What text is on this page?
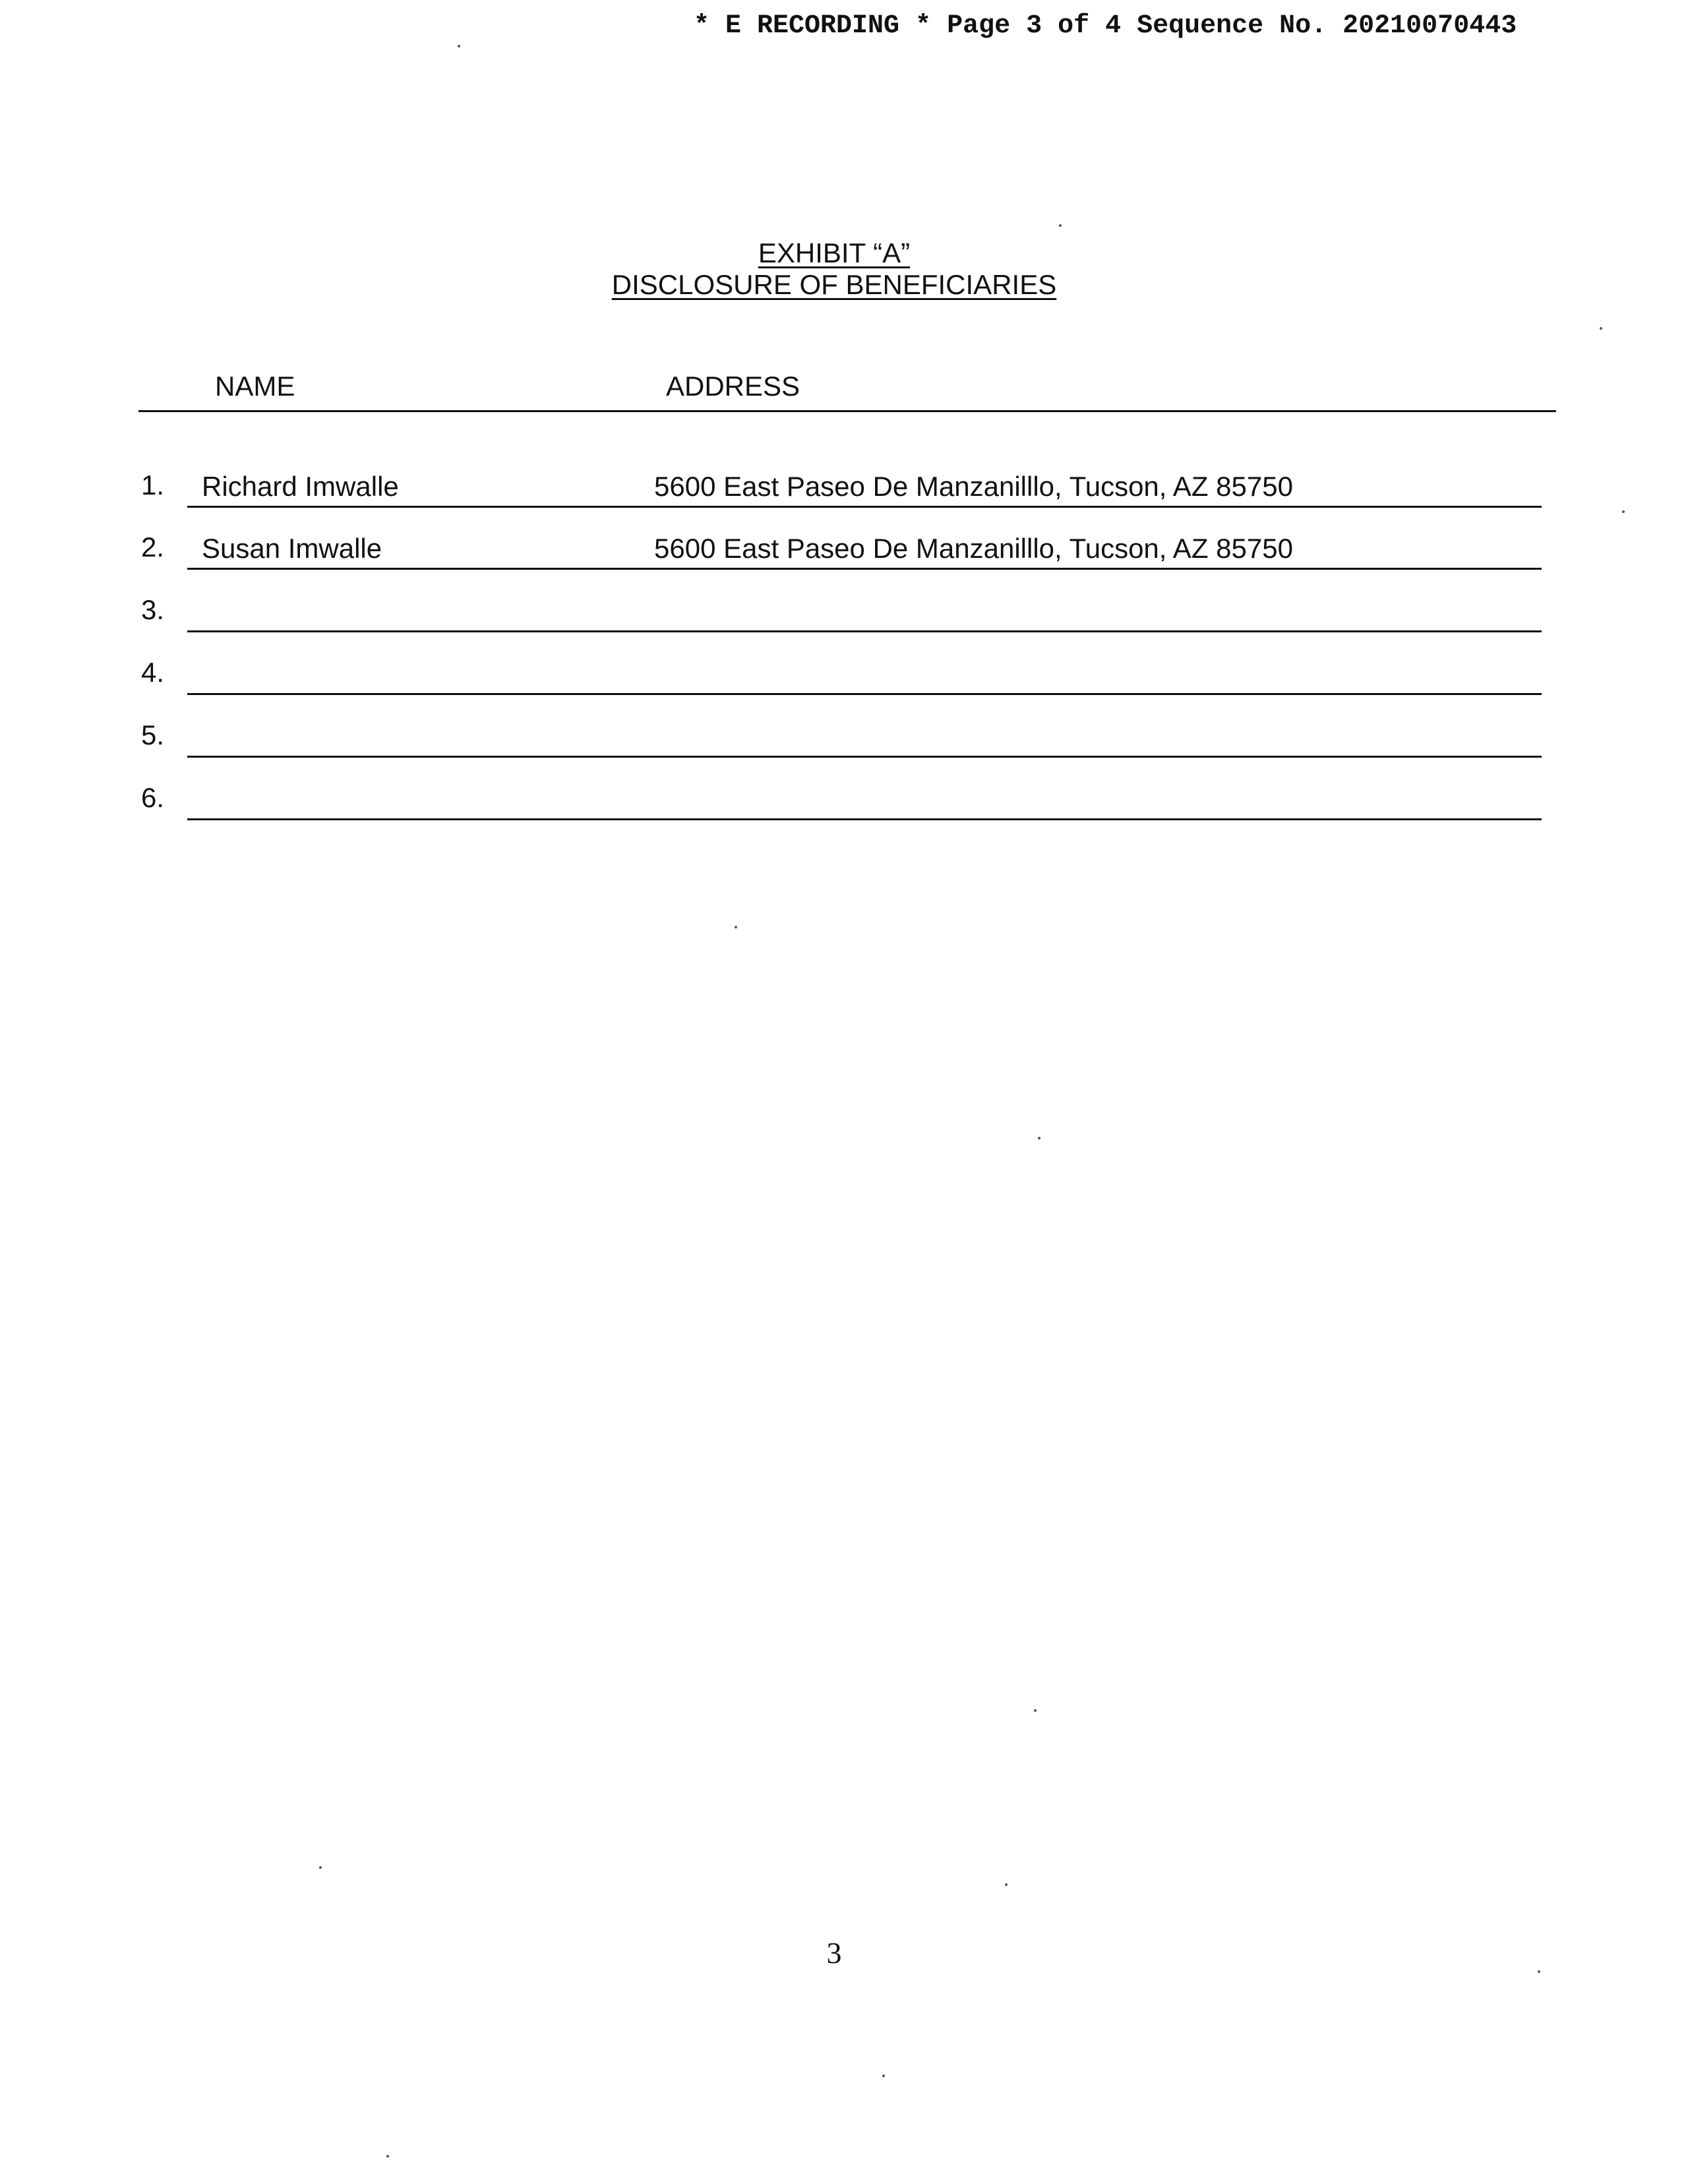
* E RECORDING * Page 3 of 4 Sequence No. 20210070443
EXHIBIT “A”
DISCLOSURE OF BENEFICIARIES
NAME	ADDRESS
1. Richard Imwalle	5600 East Paseo De Manzanilllo, Tucson, AZ 85750
2. Susan Imwalle	5600 East Paseo De Manzanilllo, Tucson, AZ 85750
3.
4.
5.
6.
3
